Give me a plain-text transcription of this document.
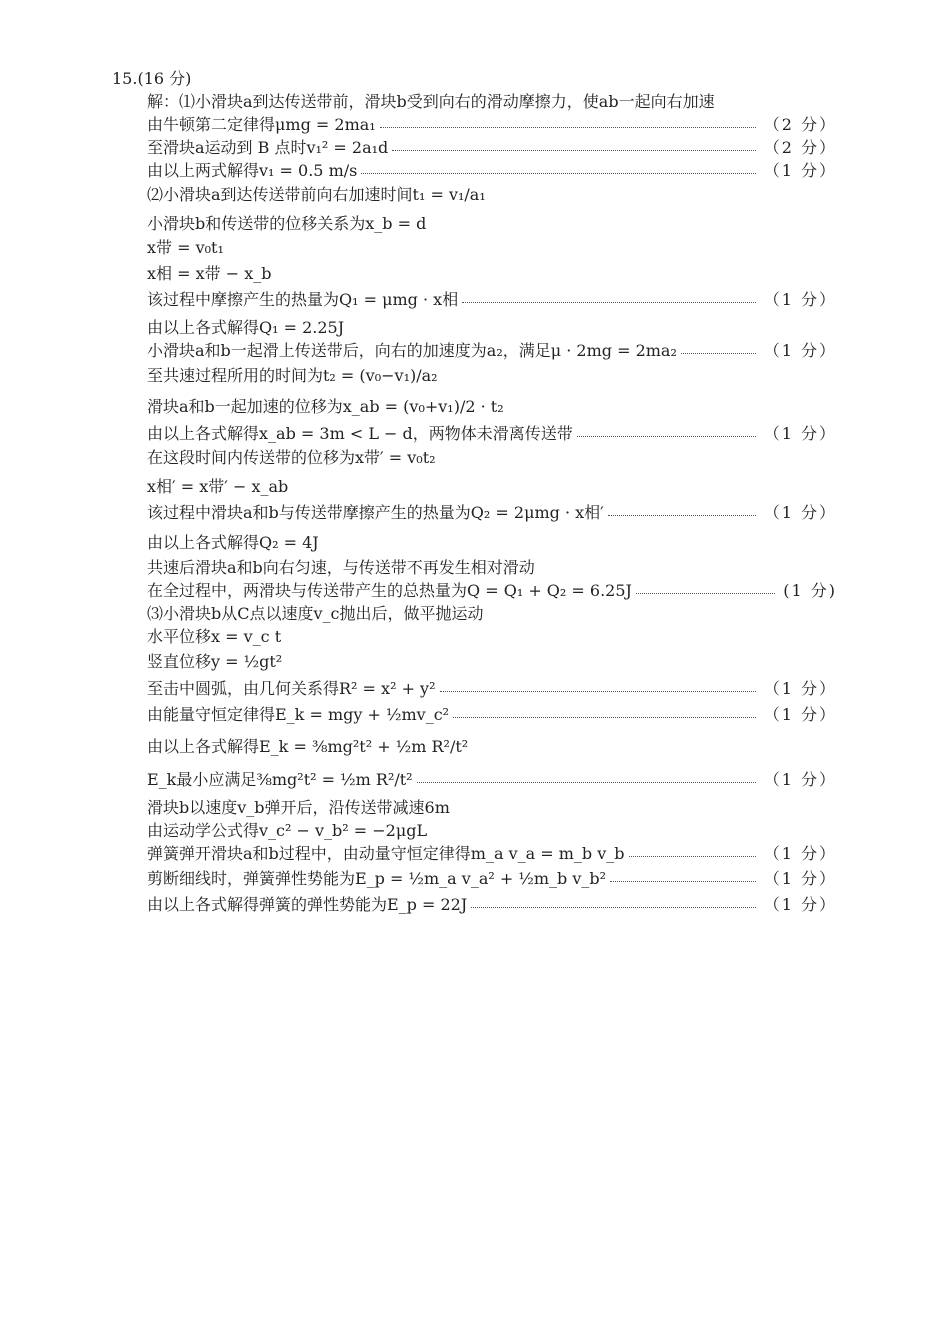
15.(16 分)
解：⑴小滑块a到达传送带前，滑块b受到向右的滑动摩擦力，使ab一起向右加速
由牛顿第二定律得μmg = 2ma₁	（2 分）
至滑块a运动到 B 点时v₁² = 2a₁d	（2 分）
由以上两式解得v₁ = 0.5 m/s	（1 分）
⑵小滑块a到达传送带前向右加速时间t₁ = v₁/a₁
小滑块b和传送带的位移关系为x_b = d
x带 = v₀t₁
x相 = x带 − x_b
该过程中摩擦产生的热量为Q₁ = μmg · x相	（1 分）
由以上各式解得Q₁ = 2.25J
小滑块a和b一起滑上传送带后，向右的加速度为a₂，满足μ · 2mg = 2ma₂	（1 分）
至共速过程所用的时间为t₂ = (v₀−v₁)/a₂
滑块a和b一起加速的位移为x_ab = (v₀+v₁)/2 · t₂
由以上各式解得x_ab = 3m < L − d，两物体未滑离传送带	（1 分）
在这段时间内传送带的位移为x带′ = v₀t₂
x相′ = x带′ − x_ab
该过程中滑块a和b与传送带摩擦产生的热量为Q₂ = 2μmg · x相′	（1 分）
由以上各式解得Q₂ = 4J
共速后滑块a和b向右匀速，与传送带不再发生相对滑动
在全过程中，两滑块与传送带产生的总热量为Q = Q₁ + Q₂ = 6.25J	(1 分)
⑶小滑块b从C点以速度v_c抛出后，做平抛运动
水平位移x = v_c t
竖直位移y = ½gt²
至击中圆弧，由几何关系得R² = x² + y²	（1 分）
由能量守恒定律得E_k = mgy + ½mv_c²	（1 分）
由以上各式解得E_k = ⅜mg²t² + ½m R²/t²
E_k最小应满足⅜mg²t² = ½m R²/t²	（1 分）
滑块b以速度v_b弹开后，沿传送带减速6m
由运动学公式得v_c² − v_b² = −2μgL
弹簧弹开滑块a和b过程中，由动量守恒定律得m_a v_a = m_b v_b	（1 分）
剪断细线时，弹簧弹性势能为E_p = ½m_a v_a² + ½m_b v_b²	（1 分）
由以上各式解得弹簧的弹性势能为E_p = 22J	（1 分）
